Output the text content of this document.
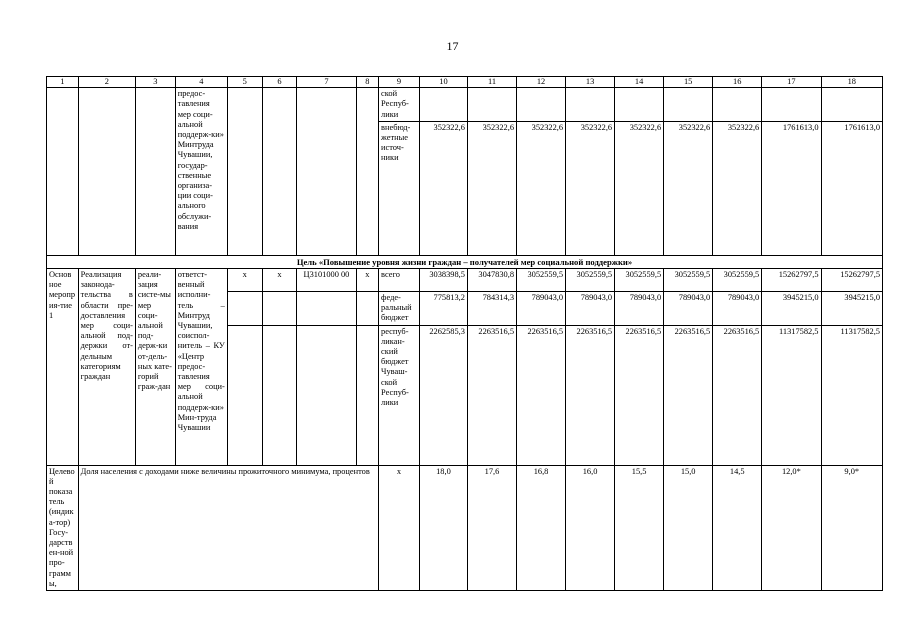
17
1	2	3	4	5	6	7	8	9	10	11	12	13	14	15	16	17	18
			предос-тавления мер соци-альной поддерж-ки» Минтруда Чувашии, государ-ственные организа-ции соци-ального обслужи-вания					ской Респуб-лики									
								внебюд-жетные источ-ники	352322,6	352322,6	352322,6	352322,6	352322,6	352322,6	352322,6	1761613,0	1761613,0
Цель «Повышение уровня жизни граждан – получателей мер социальной поддержки»																	
Основное мероприя-тие 1	Реализация законода-тельства в области пре-доставления мер соци-альной под-держки от-дельным категориям граждан	реали-зация систе-мы мер соци-альной под-держ-ки от-дель-ных кате-горий граж-дан	ответст-венный исполни-тель – Минтруд Чувашии, соиспол-нитель – КУ «Центр предос-тавления мер соци-альной поддерж-ки» Мин-труда Чувашии	x	x	Ц3101000 00	x	всего	3038398,5	3047830,8	3052559,5	3052559,5	3052559,5	3052559,5	3052559,5	15262797,5	15262797,5
								феде-ральный бюджет	775813,2	784314,3	789043,0	789043,0	789043,0	789043,0	789043,0	3945215,0	3945215,0
								респуб-ликан-ский бюджет Чуваш-ской Респуб-лики	2262585,3	2263516,5	2263516,5	2263516,5	2263516,5	2263516,5	2263516,5	11317582,5	11317582,5
Целевой показатель (индика-тор) Госу-дарствен-ной про-граммы,	Доля населения с доходами ниже величины прожиточного минимума, процентов							x	18,0	17,6	16,8	16,0	15,5	15,0	14,5	12,0*	9,0*
